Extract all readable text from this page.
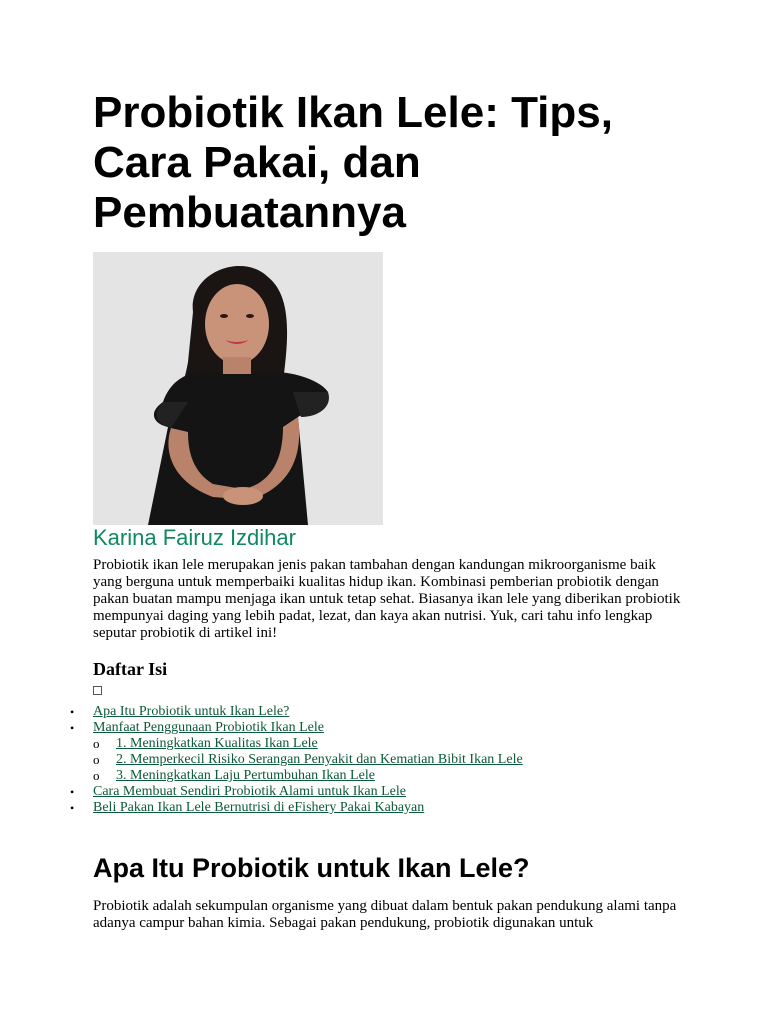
Probiotik Ikan Lele: Tips, Cara Pakai, dan Pembuatannya
Karina Fairuz Izdihar

Probiotik ikan lele merupakan jenis pakan tambahan dengan kandungan mikroorganisme baik yang berguna untuk memperbaiki kualitas hidup ikan. Kombinasi pemberian probiotik dengan pakan buatan mampu menjaga ikan untuk tetap sehat. Biasanya ikan lele yang diberikan probiotik mempunyai daging yang lebih padat, lezat, dan kaya akan nutrisi. Yuk, cari tahu info lengkap seputar probiotik di artikel ini!

Daftar Isi
• Apa Itu Probiotik untuk Ikan Lele?
• Manfaat Penggunaan Probiotik Ikan Lele
o 1. Meningkatkan Kualitas Ikan Lele
o 2. Memperkecil Risiko Serangan Penyakit dan Kematian Bibit Ikan Lele
o 3. Meningkatkan Laju Pertumbuhan Ikan Lele
• Cara Membuat Sendiri Probiotik Alami untuk Ikan Lele
• Beli Pakan Ikan Lele Bernutrisi di eFishery Pakai Kabayan
Apa Itu Probiotik untuk Ikan Lele?

Probiotik adalah sekumpulan organisme yang dibuat dalam bentuk pakan pendukung alami tanpa adanya campur bahan kimia. Sebagai pakan pendukung, probiotik digunakan untuk
